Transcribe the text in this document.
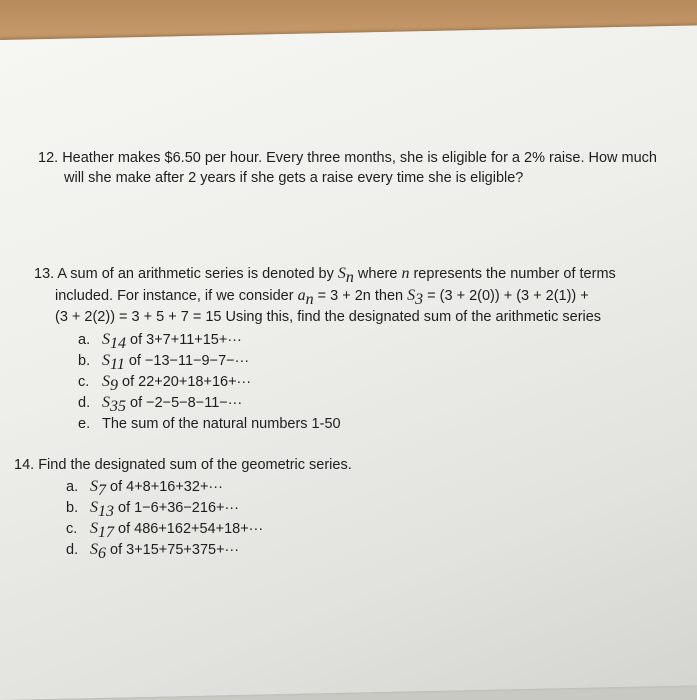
12. Heather makes $6.50 per hour. Every three months, she is eligible for a 2% raise. How much
will she make after 2 years if she gets a raise every time she is eligible?
13. A sum of an arithmetic series is denoted by $S_n$ where n represents the number of terms
included. For instance, if we consider $a_n = 3 + 2n$ then $S_3 = (3 + 2(0)) + (3 + 2(1))$ +
(3 + 2(2)) = 3 + 5 + 7 = 15 Using this, find the designated sum of the arithmetic series
a. $S_{14}$ of 3+7+11+15+···
b. $S_{11}$ of −13−11−9−7−···
c. $S_9$ of 22+20+18+16+···
d. $S_{35}$ of −2−5−8−11−···
e. The sum of the natural numbers 1-50
14. Find the designated sum of the geometric series.
a. $S_7$ of 4+8+16+32+···
b. $S_{13}$ of 1−6+36−216+···
c. $S_{17}$ of 486+162+54+18+···
d. $S_6$ of 3+15+75+375+···
